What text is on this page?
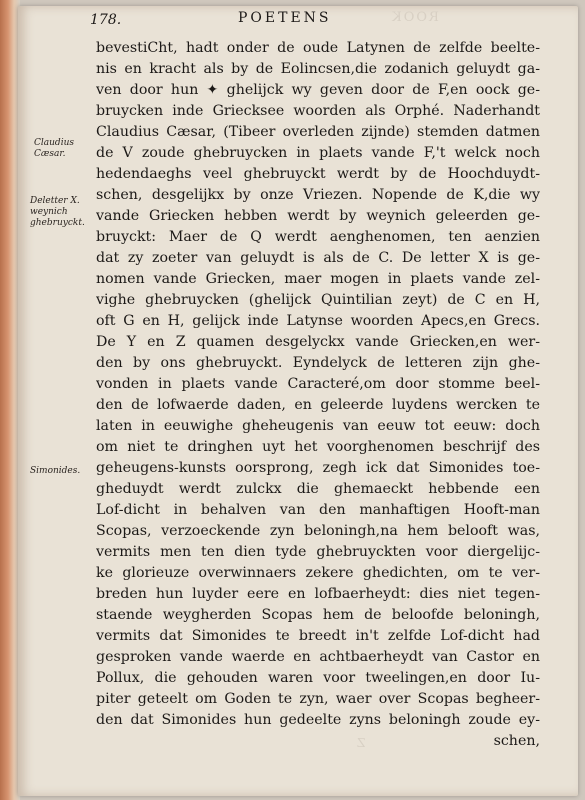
ROOK
Z
178.	POETENS
Claudius Cæsar.
Deletter X. weynich ghebruyckt.
Simonides.
bevestiCht, hadt onder de oude Latynen de zelfde beelte-
nis en kracht als by de Eolincsen,die zodanich geluydt ga-
ven door hun ✦ ghelijck wy geven door de F,en oock ge-
bruycken inde Griecksee woorden als Orphé. Naderhandt
Claudius Cæsar, (Tibeer overleden zijnde) stemden datmen
de V zoude ghebruycken in plaets vande F,'t welck noch
hedendaeghs veel ghebruyckt werdt by de Hoochduydt-
schen, desgelijkx by onze Vriezen. Nopende de K,die wy
vande Griecken hebben werdt by weynich geleerden ge-
bruyckt: Maer de Q werdt aenghenomen, ten aenzien
dat zy zoeter van geluydt is als de C. De letter X is ge-
nomen vande Griecken, maer mogen in plaets vande zel-
vighe ghebruycken (ghelijck Quintilian zeyt) de C en H,
oft G en H, gelijck inde Latynse woorden Apecs,en Grecs.
De Y en Z quamen desgelyckx vande Griecken,en wer-
den by ons ghebruyckt. Eyndelyck de letteren zijn ghe-
vonden in plaets vande Caracteré,om door stomme beel-
den de lofwaerde daden, en geleerde luydens wercken te
laten in eeuwighe gheheugenis van eeuw tot eeuw: doch
om niet te dringhen uyt het voorghenomen beschrijf des
geheugens-kunsts oorsprong, zegh ick dat Simonides toe-
gheduydt werdt zulckx die ghemaeckt hebbende een
Lof-dicht in behalven van den manhaftigen Hooft-man
Scopas, verzoeckende zyn beloningh,na hem belooft was,
vermits men ten dien tyde ghebruyckten voor diergelijc-
ke glorieuze overwinnaers zekere ghedichten, om te ver-
breden hun luyder eere en lofbaerheydt: dies niet tegen-
staende weygherden Scopas hem de beloofde beloningh,
vermits dat Simonides te breedt in't zelfde Lof-dicht had
gesproken vande waerde en achtbaerheydt van Castor en
Pollux, die gehouden waren voor tweelingen,en door Iu-
piter geteelt om Goden te zyn, waer over Scopas begheer-
den dat Simonides hun gedeelte zyns beloningh zoude ey-
schen,
